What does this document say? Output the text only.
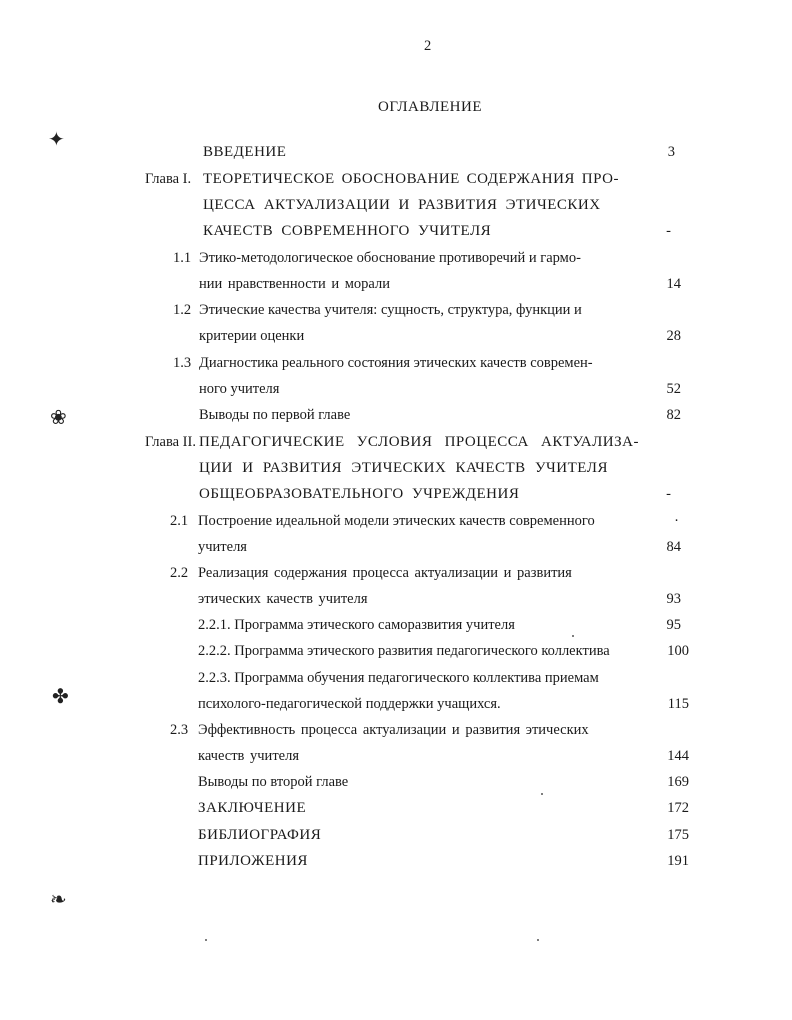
2
ОГЛАВЛЕНИЕ
✦
❀
✤
❧
ВВЕДЕНИЕ	3
Глава I. ТЕОРЕТИЧЕСКОЕ ОБОСНОВАНИЕ СОДЕРЖАНИЯ ПРО-
ЦЕССА АКТУАЛИЗАЦИИ И РАЗВИТИЯ ЭТИЧЕСКИХ
КАЧЕСТВ СОВРЕМЕННОГО УЧИТЕЛЯ	-
1.1 Этико-методологическое обоснование противоречий и гармо-
нии нравственности и морали	14
1.2 Этические качества учителя: сущность, структура, функции и
критерии оценки	28
1.3 Диагностика реального состояния этических качеств современ-
ного учителя	52
Выводы по первой главе	82
Глава II. ПЕДАГОГИЧЕСКИЕ УСЛОВИЯ ПРОЦЕССА АКТУАЛИЗА-
ЦИИ И РАЗВИТИЯ ЭТИЧЕСКИХ КАЧЕСТВ УЧИТЕЛЯ
ОБЩЕОБРАЗОВАТЕЛЬНОГО УЧРЕЖДЕНИЯ	-
2.1 Построение идеальной модели этических качеств современного	·
учителя	84
2.2 Реализация содержания процесса актуализации и развития
этических качеств учителя	93
2.2.1. Программа этического саморазвития учителя	95
2.2.2. Программа этического развития педагогического коллектива	100
2.2.3. Программа обучения педагогического коллектива приемам
психолого-педагогической поддержки учащихся.	115
2.3 Эффективность процесса актуализации и развития этических
качеств учителя	144
Выводы по второй главе	169
ЗАКЛЮЧЕНИЕ	172
БИБЛИОГРАФИЯ	175
ПРИЛОЖЕНИЯ	191
